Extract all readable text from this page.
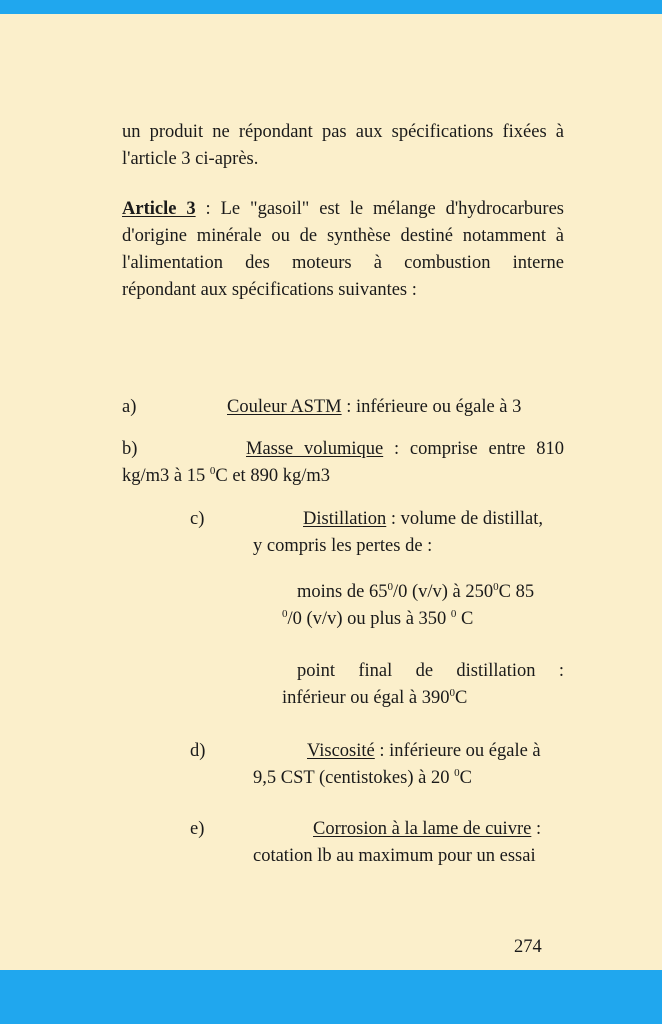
un produit ne répondant pas aux spécifications fixées à

l'article 3 ci-après.

Article 3 : Le "gasoil" est le mélange d'hydrocarbures

d'origine minérale ou de synthèse destiné notamment à

l'alimentation des moteurs à combustion interne

répondant aux spécifications suivantes :

a)	Couleur ASTM : inférieure ou égale à 3
b)	Masse volumique : comprise entre 810
kg/m3 à 15 $^0$C et 890 kg/m3
c)	Distillation : volume de distillat,
y compris les pertes de :
moins de $65^0/0$ (v/v) à $250^0C$ 85
$^0$/0 (v/v) ou plus à 350 $^0$ C
point final de distillation :
inférieur ou égal à $390^0C$
d)	Viscosité : inférieure ou égale à
9,5 CST (centistokes) à 20 $^0$C
e)	Corrosion à la lame de cuivre :
cotation lb au maximum pour un essai
274
